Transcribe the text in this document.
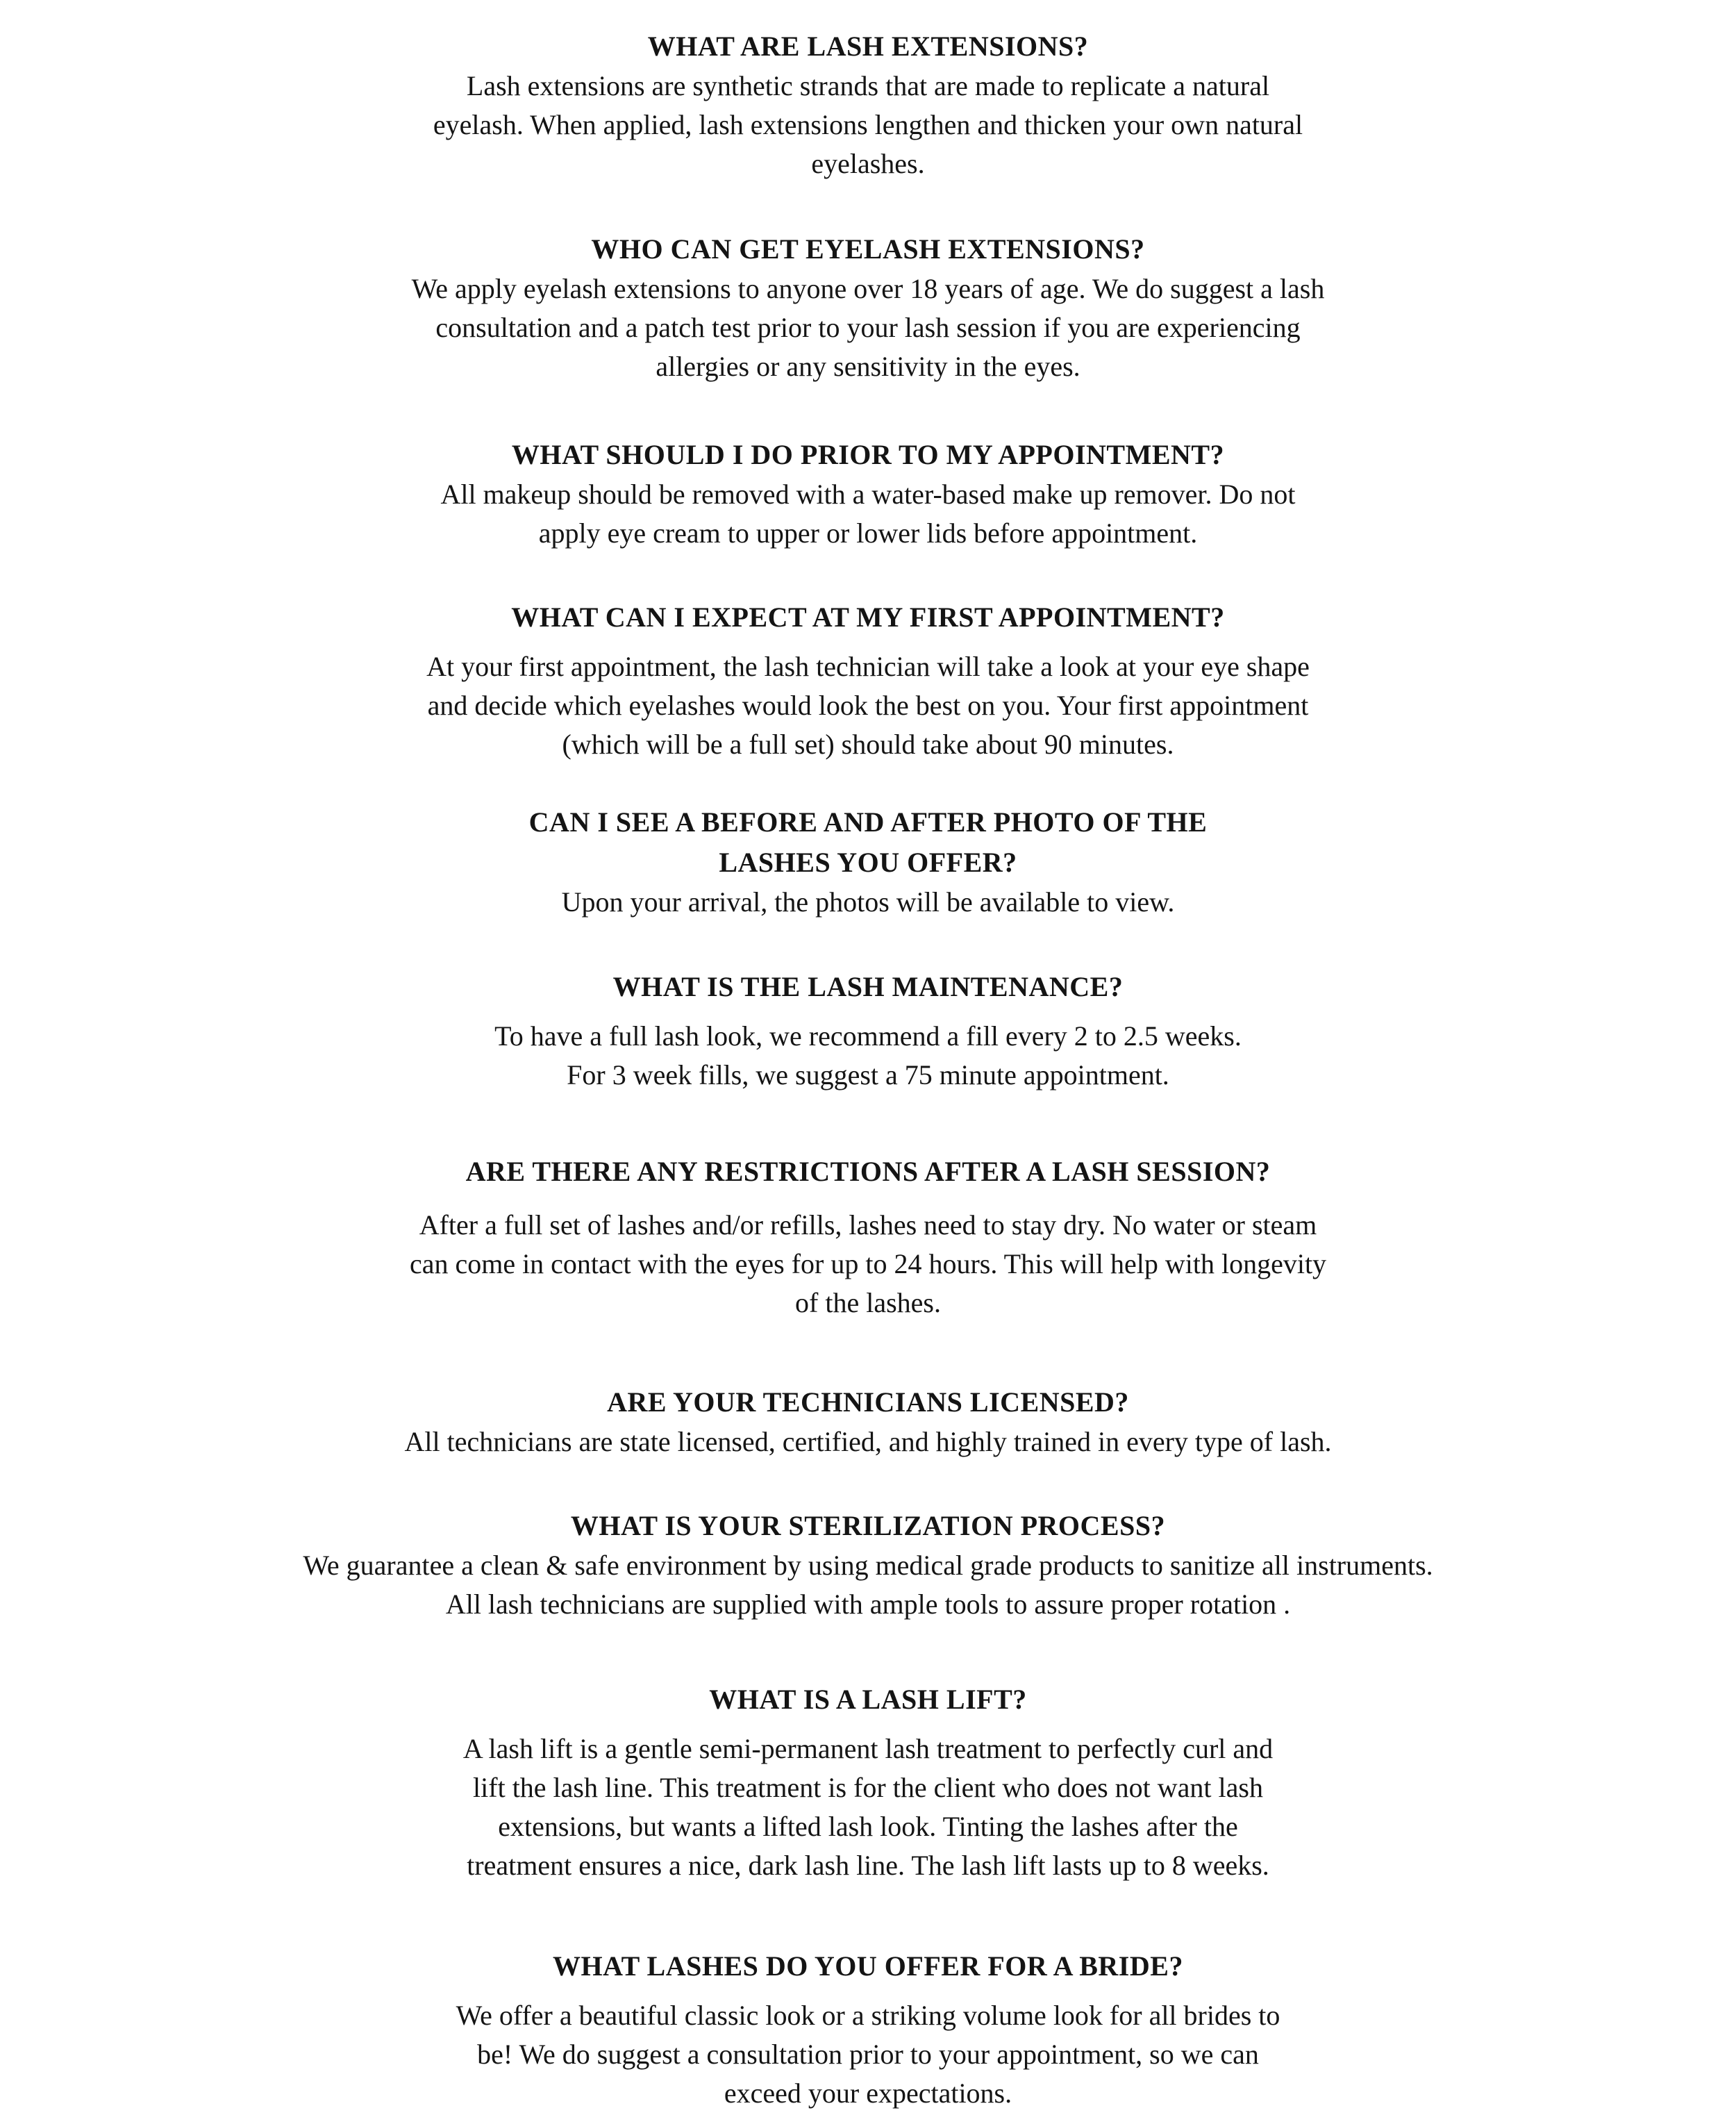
WHAT ARE LASH EXTENSIONS?

Lash extensions are synthetic strands that are made to replicate a natural
eyelash. When applied, lash extensions lengthen and thicken your own natural
eyelashes.

WHO CAN GET EYELASH EXTENSIONS?

We apply eyelash extensions to anyone over 18 years of age. We do suggest a lash
consultation and a patch test prior to your lash session if you are experiencing
allergies or any sensitivity in the eyes.

WHAT SHOULD I DO PRIOR TO MY APPOINTMENT?

All makeup should be removed with a water-based make up remover. Do not
apply eye cream to upper or lower lids before appointment.

WHAT CAN I EXPECT AT MY FIRST APPOINTMENT?

At your first appointment, the lash technician will take a look at your eye shape
and decide which eyelashes would look the best on you. Your first appointment
(which will be a full set) should take about 90 minutes.

CAN I SEE A BEFORE AND AFTER PHOTO OF THE
LASHES YOU OFFER?

Upon your arrival, the photos will be available to view.

WHAT IS THE LASH MAINTENANCE?

To have a full lash look, we recommend a fill every 2 to 2.5 weeks.
For 3 week fills, we suggest a 75 minute appointment.

ARE THERE ANY RESTRICTIONS AFTER A LASH SESSION?

After a full set of lashes and/or refills, lashes need to stay dry. No water or steam
can come in contact with the eyes for up to 24 hours. This will help with longevity
of the lashes.

ARE YOUR TECHNICIANS LICENSED?

All technicians are state licensed, certified, and highly trained in every type of lash.

WHAT IS YOUR STERILIZATION PROCESS?

We guarantee a clean & safe environment by using medical grade products to sanitize all instruments.
All lash technicians are supplied with ample tools to assure proper rotation .

WHAT IS A LASH LIFT?

A lash lift is a gentle semi-permanent lash treatment to perfectly curl and
lift the lash line. This treatment is for the client who does not want lash
extensions, but wants a lifted lash look. Tinting the lashes after the
treatment ensures a nice, dark lash line. The lash lift lasts up to 8 weeks.

WHAT LASHES DO YOU OFFER FOR A BRIDE?

We offer a beautiful classic look or a striking volume look for all brides to
be! We do suggest a consultation prior to your appointment, so we can
exceed your expectations.
